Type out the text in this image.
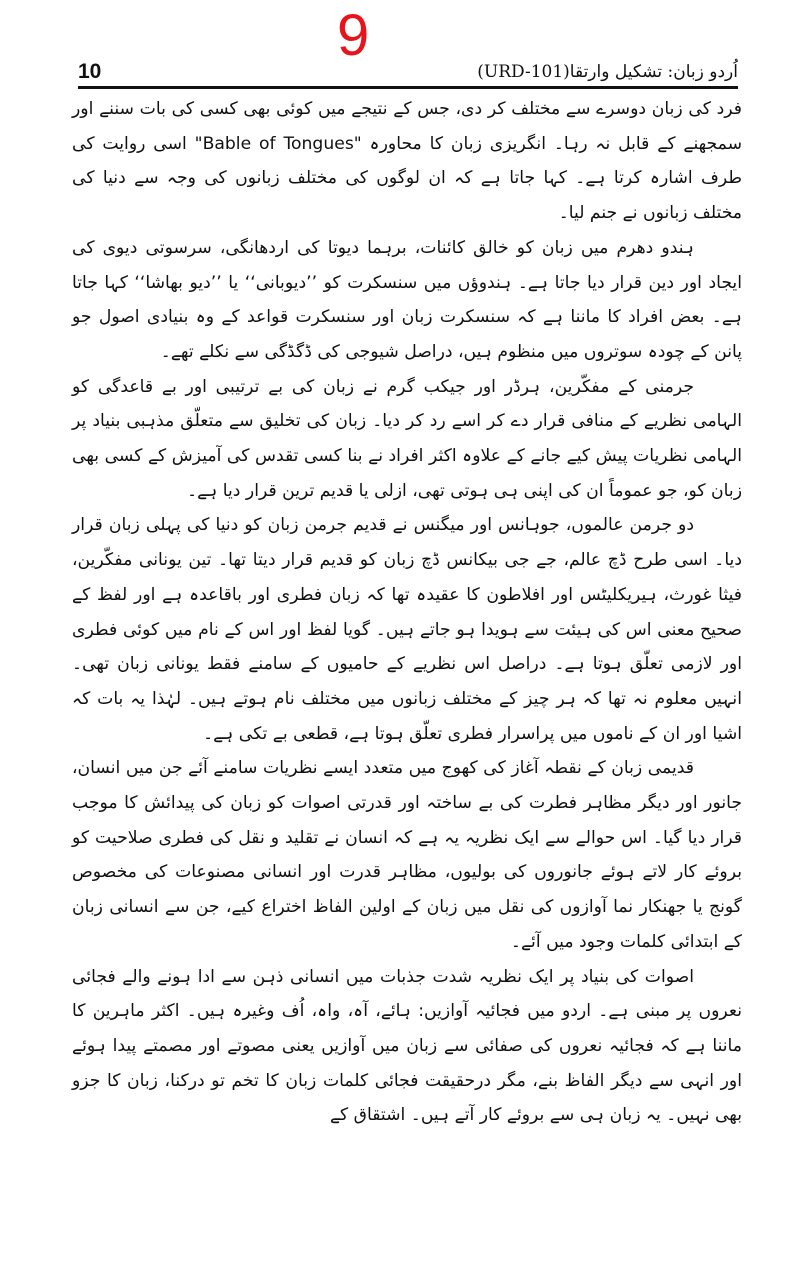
9
10	اُردو زبان: تشکیل وارتقا(URD-101)

فرد کی زبان دوسرے سے مختلف کر دی، جس کے نتیجے میں کوئی بھی کسی کی بات سننے اور سمجھنے کے قابل نہ رہا۔ انگریزی زبان کا محاورہ "Bable of Tongues" اسی روایت کی طرف اشارہ کرتا ہے۔ کہا جاتا ہے کہ ان لوگوں کی مختلف زبانوں کی وجہ سے دنیا کی مختلف زبانوں نے جنم لیا۔

ہندو دھرم میں زبان کو خالق کائنات، برہما دیوتا کی اردھانگی، سرسوتی دیوی کی ایجاد اور دین قرار دیا جاتا ہے۔ ہندوؤں میں سنسکرت کو ’’دیوبانی‘‘ یا ’’دیو بھاشا‘‘ کہا جاتا ہے۔ بعض افراد کا ماننا ہے کہ سنسکرت زبان اور سنسکرت قواعد کے وہ بنیادی اصول جو پانن کے چودہ سوتروں میں منظوم ہیں، دراصل شیوجی کی ڈگڈگی سے نکلے تھے۔

جرمنی کے مفکّرین، ہرڈر اور جیکب گرم نے زبان کی بے ترتیبی اور بے قاعدگی کو الہامی نظریے کے منافی قرار دے کر اسے رد کر دیا۔ زبان کی تخلیق سے متعلّق مذہبی بنیاد پر الہامی نظریات پیش کیے جانے کے علاوہ اکثر افراد نے بنا کسی تقدس کی آمیزش کے کسی بھی زبان کو، جو عموماً ان کی اپنی ہی ہوتی تھی، ازلی یا قدیم ترین قرار دیا ہے۔

دو جرمن عالموں، جوہانس اور میگنس نے قدیم جرمن زبان کو دنیا کی پہلی زبان قرار دیا۔ اسی طرح ڈچ عالم، جے جی بیکانس ڈچ زبان کو قدیم قرار دیتا تھا۔ تین یونانی مفکّرین، فیثا غورث، ہیریکلیٹس اور افلاطون کا عقیدہ تھا کہ زبان فطری اور باقاعدہ ہے اور لفظ کے صحیح معنی اس کی ہیئت سے ہویدا ہو جاتے ہیں۔ گویا لفظ اور اس کے نام میں کوئی فطری اور لازمی تعلّق ہوتا ہے۔ دراصل اس نظریے کے حامیوں کے سامنے فقط یونانی زبان تھی۔ انہیں معلوم نہ تھا کہ ہر چیز کے مختلف زبانوں میں مختلف نام ہوتے ہیں۔ لہٰذا یہ بات کہ اشیا اور ان کے ناموں میں پراسرار فطری تعلّق ہوتا ہے، قطعی بے تکی ہے۔

قدیمی زبان کے نقطہ آغاز کی کھوج میں متعدد ایسے نظریات سامنے آئے جن میں انسان، جانور اور دیگر مظاہر فطرت کی بے ساختہ اور قدرتی اصوات کو زبان کی پیدائش کا موجب قرار دیا گیا۔ اس حوالے سے ایک نظریہ یہ ہے کہ انسان نے تقلید و نقل کی فطری صلاحیت کو بروئے کار لاتے ہوئے جانوروں کی بولیوں، مظاہر قدرت اور انسانی مصنوعات کی مخصوص گونج یا جھنکار نما آوازوں کی نقل میں زبان کے اولین الفاظ اختراع کیے، جن سے انسانی زبان کے ابتدائی کلمات وجود میں آئے۔

اصوات کی بنیاد پر ایک نظریہ شدت جذبات میں انسانی ذہن سے ادا ہونے والے فجائی نعروں پر مبنی ہے۔ اردو میں فجائیہ آوازیں: ہائے، آہ، واہ، اُف وغیرہ ہیں۔ اکثر ماہرین کا ماننا ہے کہ فجائیہ نعروں کی صفائی سے زبان میں آوازیں یعنی مصوتے اور مصمتے پیدا ہوئے اور انہی سے دیگر الفاظ بنے، مگر درحقیقت فجائی کلمات زبان کا تخم تو درکنا، زبان کا جزو بھی نہیں۔ یہ زبان ہی سے بروئے کار آتے ہیں۔ اشتقاق کے
